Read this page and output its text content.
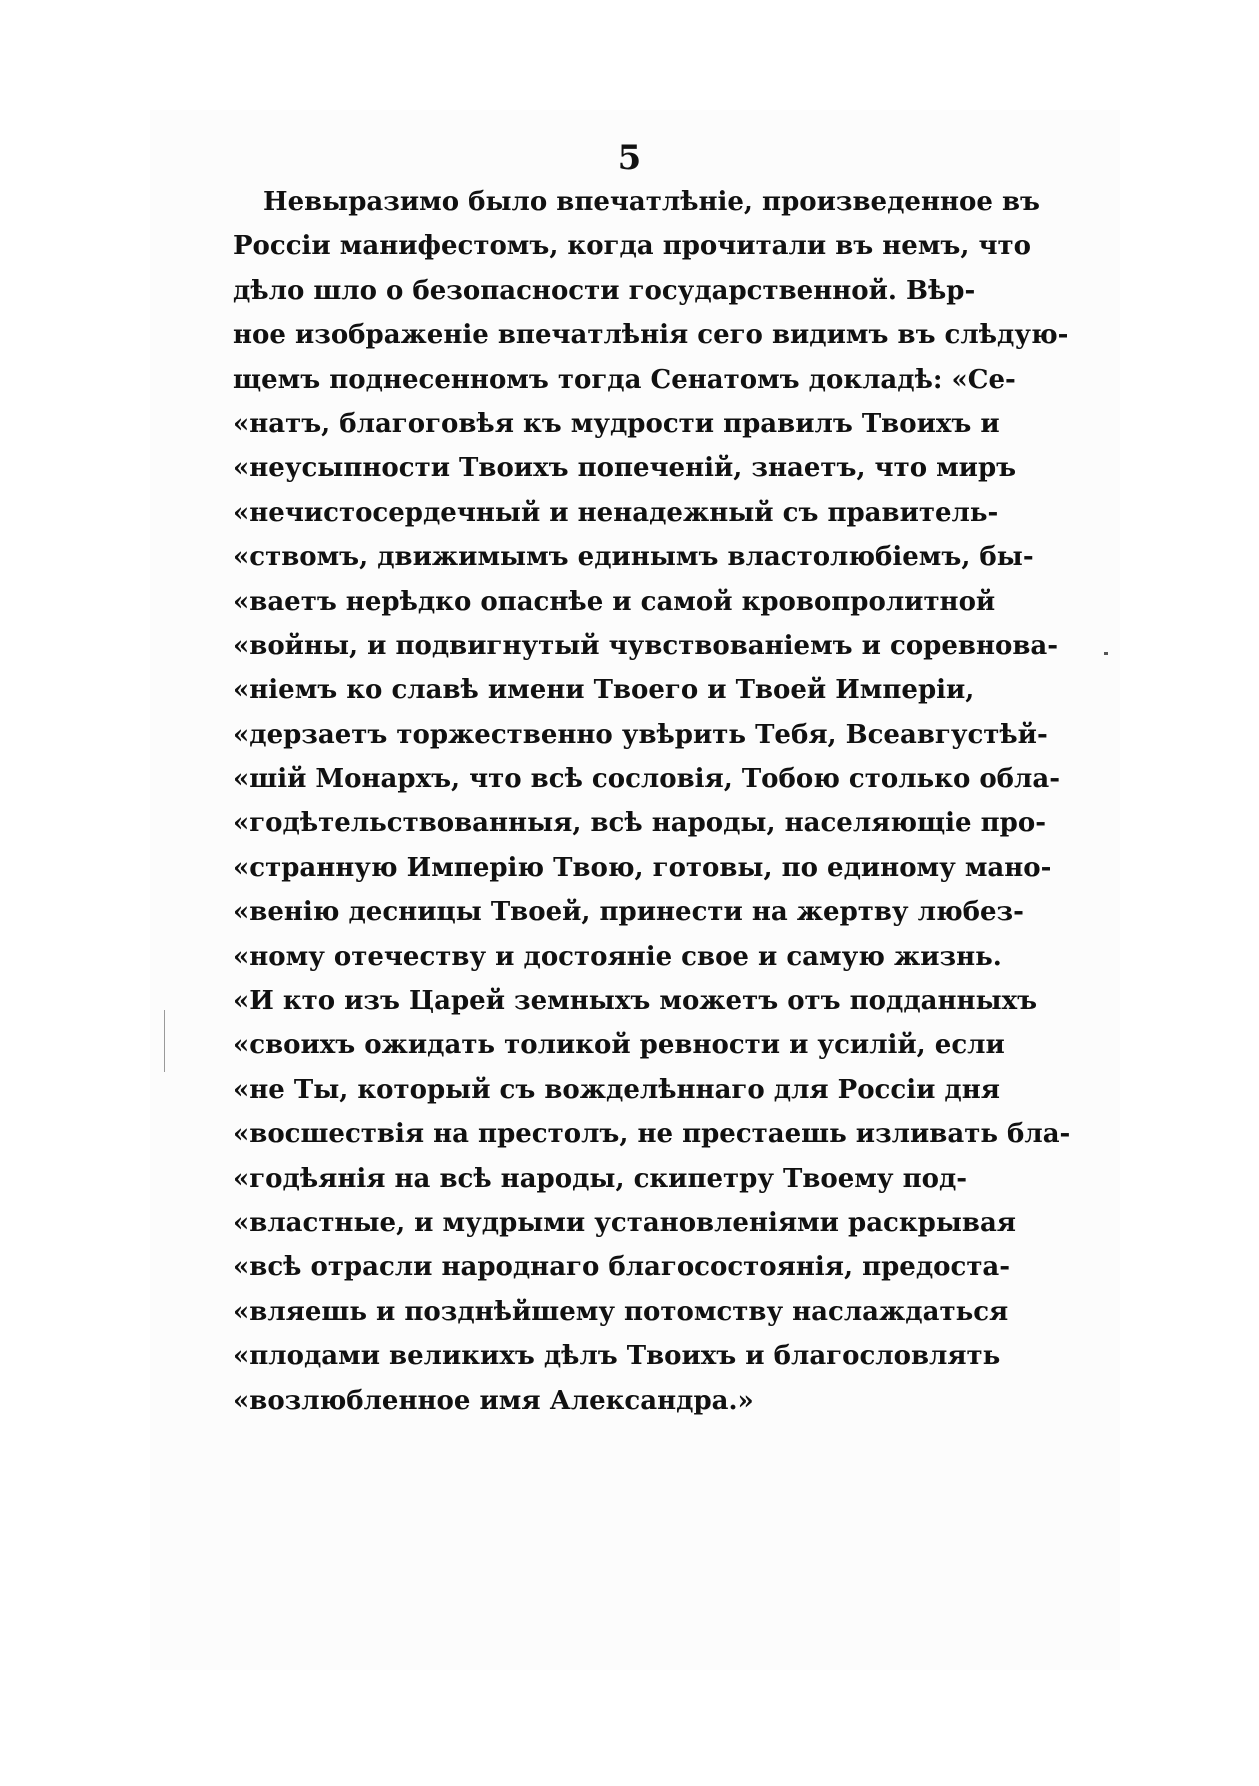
5
Невыразимо было впечатлѣніе, произведенное въ
Россіи манифестомъ, когда прочитали въ немъ, что
дѣло шло о безопасности государственной. Вѣр-
ное изображеніе впечатлѣнія сего видимъ въ слѣдую-
щемъ поднесенномъ тогда Сенатомъ докладѣ: «Се-
«натъ, благоговѣя къ мудрости правилъ Твоихъ и
«неусыпности Твоихъ попеченій, знаетъ, что миръ
«нечистосердечный и ненадежный съ правитель-
«ствомъ, движимымъ единымъ властолюбіемъ, бы-
«ваетъ нерѣдко опаснѣе и самой кровопролитной
«войны, и подвигнутый чувствованіемъ и соревнова-
«ніемъ ко славѣ имени Твоего и Твоей Имперіи,
«дерзаетъ торжественно увѣрить Тебя, Всеавгустѣй-
«шій Монархъ, что всѣ сословія, Тобою столько обла-
«годѣтельствованныя, всѣ народы, населяющіе про-
«странную Имперію Твою, готовы, по единому мано-
«венію десницы Твоей, принести на жертву любез-
«ному отечеству и достояніе свое и самую жизнь.
«И кто изъ Царей земныхъ можетъ отъ подданныхъ
«своихъ ожидать толикой ревности и усилій, если
«не Ты, который съ вожделѣннаго для Россіи дня
«восшествія на престолъ, не престаешь изливать бла-
«годѣянія на всѣ народы, скипетру Твоему под-
«властные, и мудрыми установленіями раскрывая
«всѣ отрасли народнаго благосостоянія, предоста-
«вляешь и позднѣйшему потомству наслаждаться
«плодами великихъ дѣлъ Твоихъ и благословлять
«возлюбленное имя Александра.»
